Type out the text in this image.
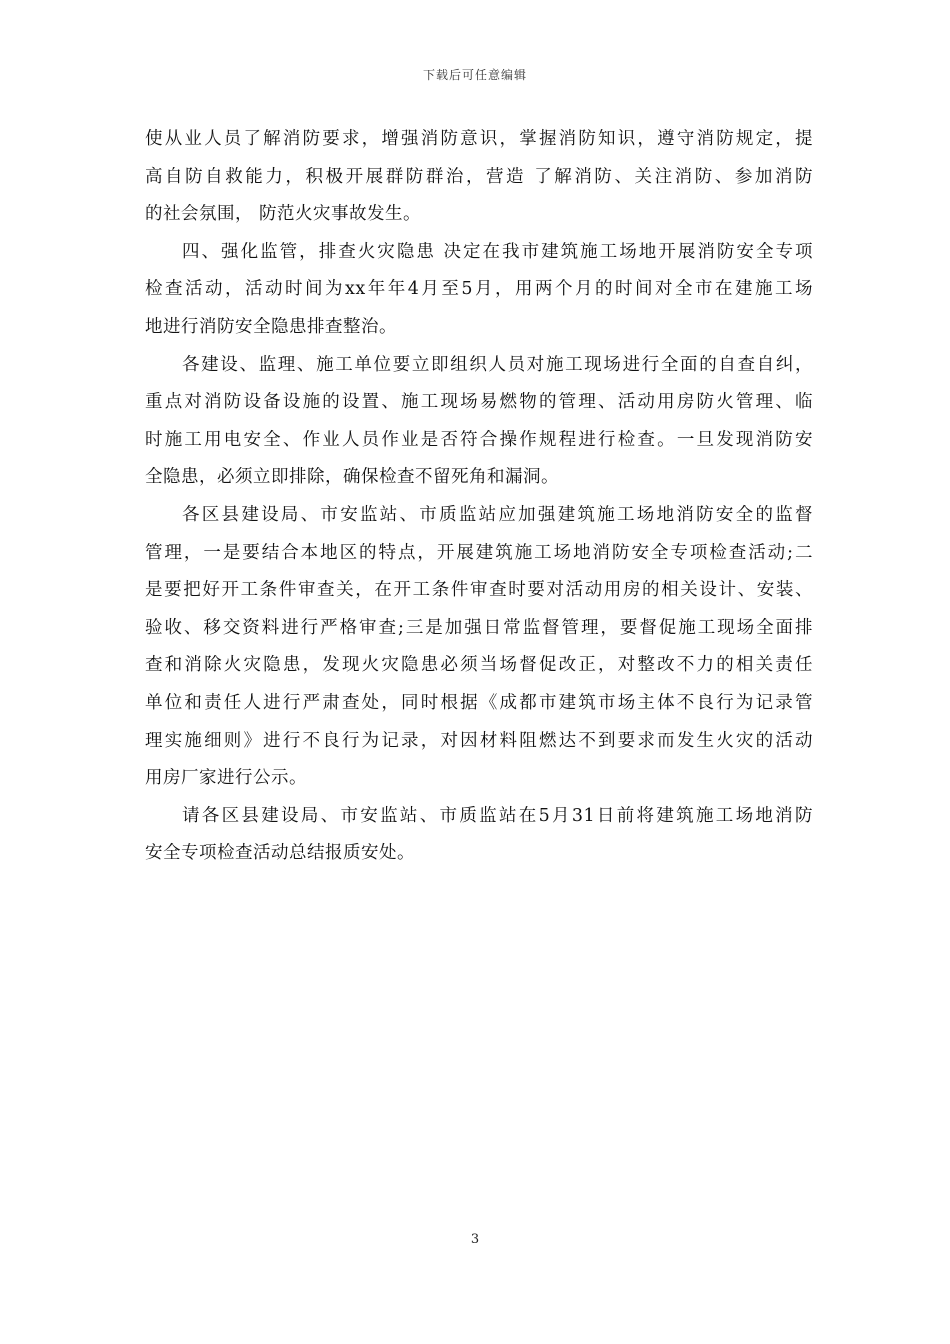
下载后可任意编辑
使从业人员了解消防要求，增强消防意识，掌握消防知识，遵守消防规定，提
高自防自救能力，积极开展群防群治，营造 了解消防、关注消防、参加消防
的社会氛围， 防范火灾事故发生。
四、强化监管，排查火灾隐患 决定在我市建筑施工场地开展消防安全专项
检查活动，活动时间为xx年年4月至5月，用两个月的时间对全市在建施工场
地进行消防安全隐患排查整治。
各建设、监理、施工单位要立即组织人员对施工现场进行全面的自查自纠，
重点对消防设备设施的设置、施工现场易燃物的管理、活动用房防火管理、临
时施工用电安全、作业人员作业是否符合操作规程进行检查。一旦发现消防安
全隐患，必须立即排除，确保检查不留死角和漏洞。
各区县建设局、市安监站、市质监站应加强建筑施工场地消防安全的监督
管理，一是要结合本地区的特点，开展建筑施工场地消防安全专项检查活动;二
是要把好开工条件审查关，在开工条件审查时要对活动用房的相关设计、安装、
验收、移交资料进行严格审查;三是加强日常监督管理，要督促施工现场全面排
查和消除火灾隐患，发现火灾隐患必须当场督促改正，对整改不力的相关责任
单位和责任人进行严肃查处，同时根据《成都市建筑市场主体不良行为记录管
理实施细则》进行不良行为记录，对因材料阻燃达不到要求而发生火灾的活动
用房厂家进行公示。
请各区县建设局、市安监站、市质监站在5月31日前将建筑施工场地消防
安全专项检查活动总结报质安处。
3
